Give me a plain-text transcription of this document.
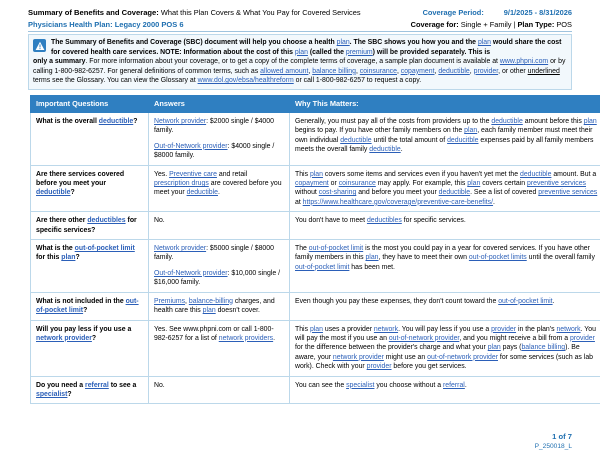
Summary of Benefits and Coverage: What this Plan Covers & What You Pay for Covered Services	Coverage Period:	9/1/2025 - 8/31/2026
Physicians Health Plan: Legacy 2000 POS 6	Coverage for: Single + Family | Plan Type: POS
The Summary of Benefits and Coverage (SBC) document will help you choose a health plan. The SBC shows you how you and the plan would share the cost for covered health care services. NOTE: Information about the cost of this plan (called the premium) will be provided separately. This is
only a summary. For more information about your coverage, or to get a copy of the complete terms of coverage, a sample plan document is available at www.phpni.com or by calling 1-800-982-6257. For general definitions of common terms, such as allowed amount, balance billing, coinsurance, copayment, deductible, provider, or other underlined terms see the Glossary. You can view the Glossary at www.dol.gov/ebsa/healthreform or call 1-800-982-6257 to request a copy.
Important Questions	Answers	Why This Matters:
What is the overall deductible?	Network provider: $2000 single / $4000 family.
Out-of-Network provider: $4000 single / $8000 family.	Generally, you must pay all of the costs from providers up to the deductible amount before this plan begins to pay. If you have other family members on the plan, each family member must meet their own individual deductible until the total amount of deducitble expenses paid by all family members meets the overall family deductible.
Are there services covered before you meet your deductible?	Yes. Preventive care and retail prescription drugs are covered before you meet your deductible.	This plan covers some items and services even if you haven't yet met the deductible amount. But a copayment or coinsurance may apply. For example, this plan covers certain preventive services without cost-sharing and before you meet your deductible. See a list of covered preventive services at https://www.healthcare.gov/coverage/preventive-care-benefits/.
Are there other deductibles for specific services?	No.	You don't have to meet deductibles for specific services.
What is the out-of-pocket limit for this plan?	Network provider: $5000 single / $8000 family.
Out-of-Network provider: $10,000 single / $16,000 family.	The out-of-pocket limit is the most you could pay in a year for covered services. If you have other family members in this plan, they have to meet their own out-of-pocket limits until the overall family out-of-pocket limit has been met.
What is not included in the out-of-pocket limit?	Premiums, balance-billing charges, and health care this plan doesn't cover.	Even though you pay these expenses, they don't count toward the out-of-pocket limit.
Will you pay less if you use a network provider?	Yes. See www.phpni.com or call 1-800-982-6257 for a list of network providers.	This plan uses a provider network. You will pay less if you use a provider in the plan's network. You will pay the most if you use an out-of-network provider, and you might receive a bill from a provider for the difference between the provider's charge and what your plan pays (balance billing). Be aware, your network provider might use an out-of-network provider for some services (such as lab work). Check with your provider before you get services.
Do you need a referral to see a specialist?	No.	You can see the specialist you choose without a referral.
1 of 7
P_250018_L
